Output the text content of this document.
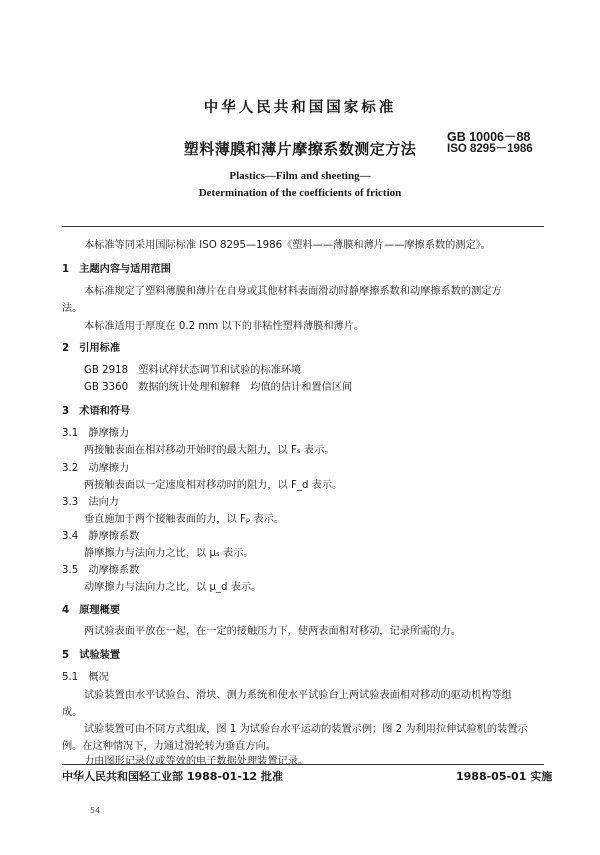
中华人民共和国国家标准
塑料薄膜和薄片摩擦系数测定方法
GB 10006－88
ISO 8295－1986
Plastics—Film and sheeting—
Determination of the coefficients of friction
本标准等同采用国际标准 ISO 8295—1986《塑料——薄膜和薄片——摩擦系数的测定》。
1　主题内容与适用范围
本标准规定了塑料薄膜和薄片在自身或其他材料表面滑动时静摩擦系数和动摩擦系数的测定方
法。
本标准适用于厚度在 0.2 mm 以下的非粘性塑料薄膜和薄片。
2　引用标准
GB 2918　塑料试样状态调节和试验的标准环境
GB 3360　数据的统计处理和解释　均值的估计和置信区间
3　术语和符号
3.1　静摩擦力
两接触表面在相对移动开始时的最大阻力，以 Fₛ 表示。
3.2　动摩擦力
两接触表面以一定速度相对移动时的阻力，以 F_d 表示。
3.3　法向力
垂直施加于两个接触表面的力，以 Fₚ 表示。
3.4　静摩擦系数
静摩擦力与法向力之比，以 μₛ 表示。
3.5　动摩擦系数
动摩擦力与法向力之比，以 μ_d 表示。
4　原理概要
两试验表面平放在一起，在一定的接触压力下，使两表面相对移动，记录所需的力。
5　试验装置
5.1　概况
试验装置由水平试验台、滑块、测力系统和使水平试验台上两试验表面相对移动的驱动机构等组
成。
试验装置可由不同方式组成，图 1 为试验台水平运动的装置示例；图 2 为利用拉伸试验机的装置示
例。在这种情况下，力通过滑轮转为垂直方向。
力由图形记录仪或等效的电子数据处理装置记录。
中华人民共和国轻工业部 1988-01-12 批准	1988-05-01 实施
54
